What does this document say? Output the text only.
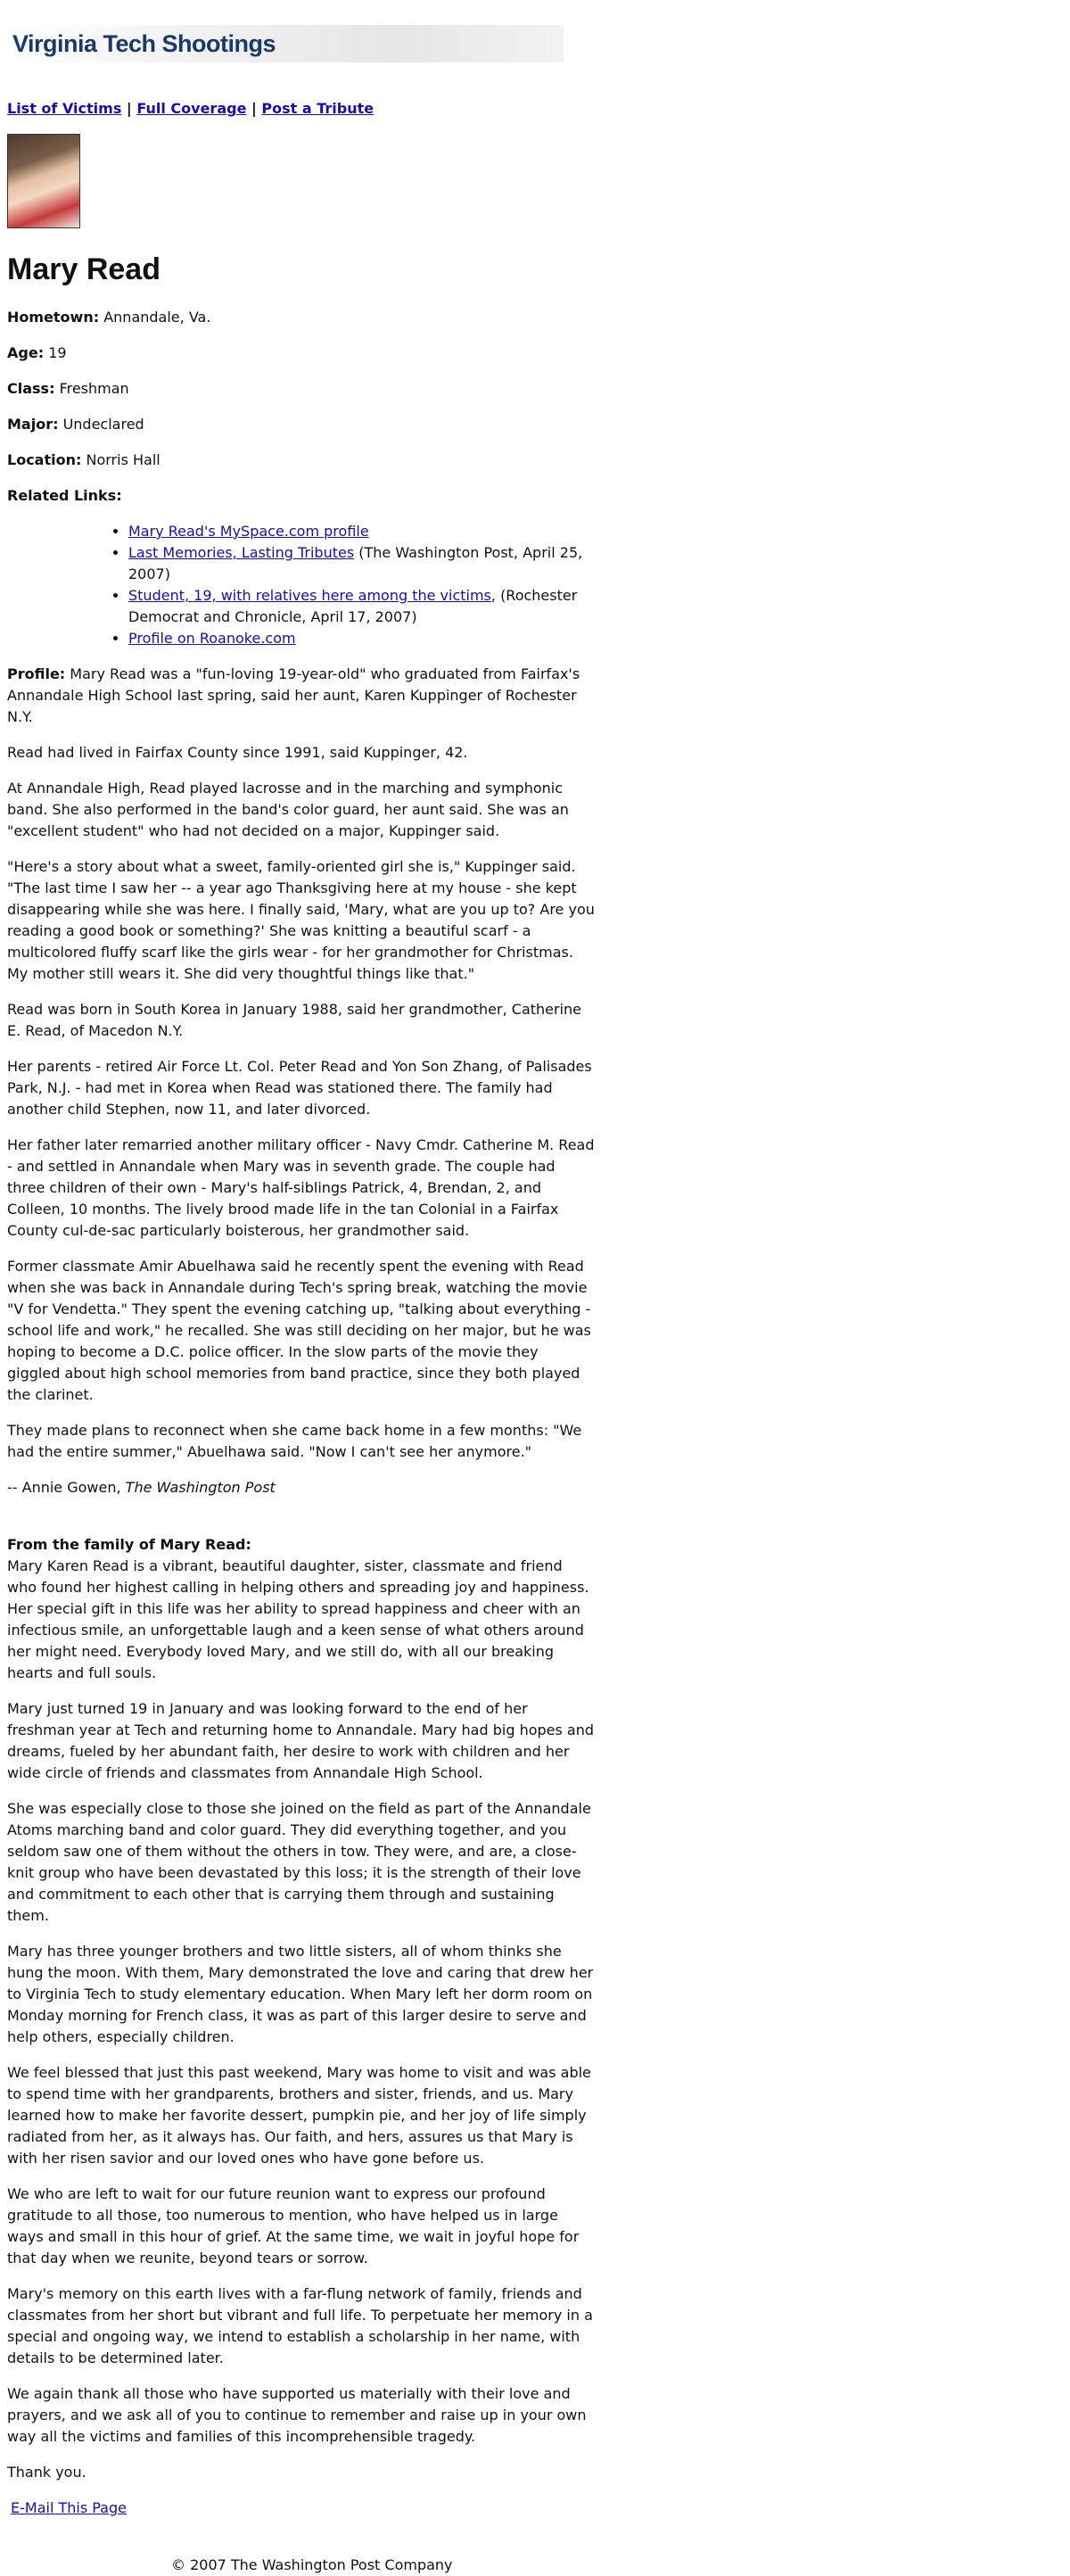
Virginia Tech Shootings
List of Victims | Full Coverage | Post a Tribute
Mary Read
Hometown: Annandale, Va.
Age: 19
Class: Freshman
Major: Undeclared
Location: Norris Hall
Related Links:
• Mary Read's MySpace.com profile
• Last Memories, Lasting Tributes (The Washington Post, April 25, 2007)
• Student, 19, with relatives here among the victims, (Rochester Democrat and Chronicle, April 17, 2007)
• Profile on Roanoke.com

Profile: Mary Read was a "fun-loving 19-year-old" who graduated from Fairfax's Annandale High School last spring, said her aunt, Karen Kuppinger of Rochester N.Y.

Read had lived in Fairfax County since 1991, said Kuppinger, 42.

At Annandale High, Read played lacrosse and in the marching and symphonic band. She also performed in the band's color guard, her aunt said. She was an "excellent student" who had not decided on a major, Kuppinger said.

"Here's a story about what a sweet, family-oriented girl she is," Kuppinger said. "The last time I saw her -- a year ago Thanksgiving here at my house - she kept disappearing while she was here. I finally said, 'Mary, what are you up to? Are you reading a good book or something?' She was knitting a beautiful scarf - a multicolored fluffy scarf like the girls wear - for her grandmother for Christmas. My mother still wears it. She did very thoughtful things like that."

Read was born in South Korea in January 1988, said her grandmother, Catherine E. Read, of Macedon N.Y.

Her parents - retired Air Force Lt. Col. Peter Read and Yon Son Zhang, of Palisades Park, N.J. - had met in Korea when Read was stationed there. The family had another child Stephen, now 11, and later divorced.

Her father later remarried another military officer - Navy Cmdr. Catherine M. Read - and settled in Annandale when Mary was in seventh grade. The couple had three children of their own - Mary's half-siblings Patrick, 4, Brendan, 2, and Colleen, 10 months. The lively brood made life in the tan Colonial in a Fairfax County cul-de-sac particularly boisterous, her grandmother said.

Former classmate Amir Abuelhawa said he recently spent the evening with Read when she was back in Annandale during Tech's spring break, watching the movie "V for Vendetta." They spent the evening catching up, "talking about everything - school life and work," he recalled. She was still deciding on her major, but he was hoping to become a D.C. police officer. In the slow parts of the movie they giggled about high school memories from band practice, since they both played the clarinet.

They made plans to reconnect when she came back home in a few months: "We had the entire summer," Abuelhawa said. "Now I can't see her anymore."

-- Annie Gowen, The Washington Post

From the family of Mary Read:

Mary Karen Read is a vibrant, beautiful daughter, sister, classmate and friend who found her highest calling in helping others and spreading joy and happiness. Her special gift in this life was her ability to spread happiness and cheer with an infectious smile, an unforgettable laugh and a keen sense of what others around her might need. Everybody loved Mary, and we still do, with all our breaking hearts and full souls.

Mary just turned 19 in January and was looking forward to the end of her freshman year at Tech and returning home to Annandale. Mary had big hopes and dreams, fueled by her abundant faith, her desire to work with children and her wide circle of friends and classmates from Annandale High School.

She was especially close to those she joined on the field as part of the Annandale Atoms marching band and color guard. They did everything together, and you seldom saw one of them without the others in tow. They were, and are, a close-knit group who have been devastated by this loss; it is the strength of their love and commitment to each other that is carrying them through and sustaining them.

Mary has three younger brothers and two little sisters, all of whom thinks she hung the moon. With them, Mary demonstrated the love and caring that drew her to Virginia Tech to study elementary education. When Mary left her dorm room on Monday morning for French class, it was as part of this larger desire to serve and help others, especially children.

We feel blessed that just this past weekend, Mary was home to visit and was able to spend time with her grandparents, brothers and sister, friends, and us. Mary learned how to make her favorite dessert, pumpkin pie, and her joy of life simply radiated from her, as it always has. Our faith, and hers, assures us that Mary is with her risen savior and our loved ones who have gone before us.

We who are left to wait for our future reunion want to express our profound gratitude to all those, too numerous to mention, who have helped us in large ways and small in this hour of grief. At the same time, we wait in joyful hope for that day when we reunite, beyond tears or sorrow.

Mary's memory on this earth lives with a far-flung network of family, friends and classmates from her short but vibrant and full life. To perpetuate her memory in a special and ongoing way, we intend to establish a scholarship in her name, with details to be determined later.

We again thank all those who have supported us materially with their love and prayers, and we ask all of you to continue to remember and raise up in your own way all the victims and families of this incomprehensible tragedy.

Thank you.

E-Mail This Page
© 2007 The Washington Post Company
